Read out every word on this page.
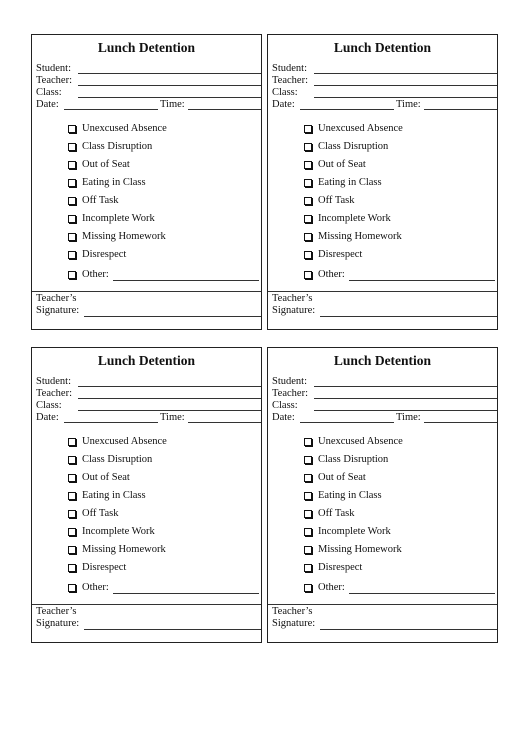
Lunch Detention
Student:
Teacher:
Class:
Date:	Time:
Unexcused Absence
Class Disruption
Out of Seat
Eating in Class
Off Task
Incomplete Work
Missing Homework
Disrespect
Other:
Teacher’s
Signature:
Lunch Detention
Student:
Teacher:
Class:
Date:	Time:
Unexcused Absence
Class Disruption
Out of Seat
Eating in Class
Off Task
Incomplete Work
Missing Homework
Disrespect
Other:
Teacher’s
Signature:
Lunch Detention
Student:
Teacher:
Class:
Date:	Time:
Unexcused Absence
Class Disruption
Out of Seat
Eating in Class
Off Task
Incomplete Work
Missing Homework
Disrespect
Other:
Teacher’s
Signature:
Lunch Detention
Student:
Teacher:
Class:
Date:	Time:
Unexcused Absence
Class Disruption
Out of Seat
Eating in Class
Off Task
Incomplete Work
Missing Homework
Disrespect
Other:
Teacher’s
Signature:
